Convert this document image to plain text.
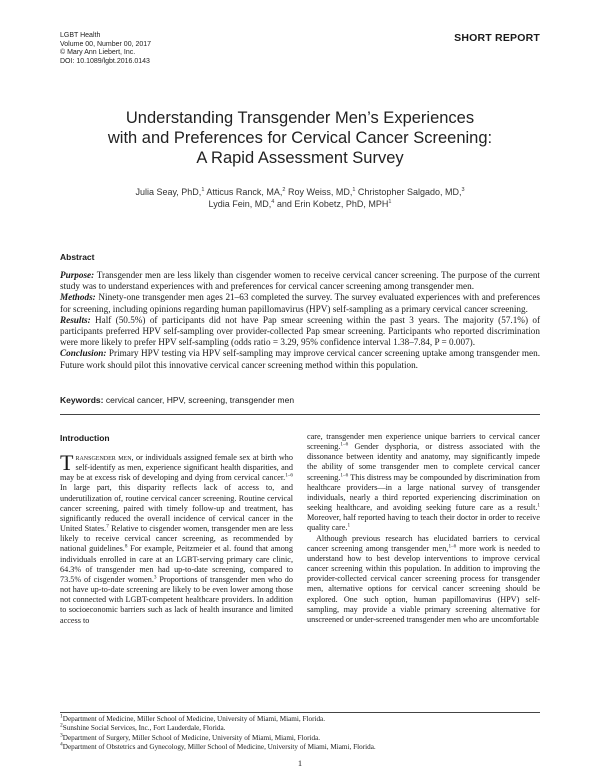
LGBT Health
Volume 00, Number 00, 2017
© Mary Ann Liebert, Inc.
DOI: 10.1089/lgbt.2016.0143
SHORT REPORT
Understanding Transgender Men’s Experiences
with and Preferences for Cervical Cancer Screening:
A Rapid Assessment Survey
Julia Seay, PhD,$^1$ Atticus Ranck, MA,$^2$ Roy Weiss, MD,$^1$ Christopher Salgado, MD,$^3$
Lydia Fein, MD,$^4$ and Erin Kobetz, PhD, MPH$^1$
Abstract

Purpose: Transgender men are less likely than cisgender women to receive cervical cancer screening. The purpose of the current study was to understand experiences with and preferences for cervical cancer screening among transgender men.

Methods: Ninety-one transgender men ages 21–63 completed the survey. The survey evaluated experiences with and preferences for screening, including opinions regarding human papillomavirus (HPV) self-sampling as a primary cervical cancer screening.

Results: Half (50.5%) of participants did not have Pap smear screening within the past 3 years. The majority (57.1%) of participants preferred HPV self-sampling over provider-collected Pap smear screening. Participants who reported discrimination were more likely to prefer HPV self-sampling (odds ratio = 3.29, 95% confidence interval 1.38–7.84, P = 0.007).

Conclusion: Primary HPV testing via HPV self-sampling may improve cervical cancer screening uptake among transgender men. Future work should pilot this innovative cervical cancer screening method within this population.

Keywords: cervical cancer, HPV, screening, transgender men
Introduction

Transgender men, or individuals assigned female sex at birth who self-identify as men, experience significant health disparities, and may be at excess risk of developing and dying from cervical cancer.$^{1-6}$ In large part, this disparity reflects lack of access to, and underutilization of, routine cervical cancer screening. Routine cervical cancer screening, paired with timely follow-up and treatment, has significantly reduced the overall incidence of cervical cancer in the United States.$^7$ Relative to cisgender women, transgender men are less likely to receive cervical cancer screening, as recommended by national guidelines.$^8$ For example, Peitzmeier et al. found that among individuals enrolled in care at an LGBT-serving primary care clinic, 64.3% of transgender men had up-to-date screening, compared to 73.5% of cisgender women.$^3$ Proportions of transgender men who do not have up-to-date screening are likely to be even lower among those not connected with LGBT-competent healthcare providers. In addition to socioeconomic barriers such as lack of health insurance and limited access to

care, transgender men experience unique barriers to cervical cancer screening.$^{1-6}$ Gender dysphoria, or distress associated with the dissonance between identity and anatomy, may significantly impede the ability of some transgender men to complete cervical cancer screening.$^{1-6}$ This distress may be compounded by discrimination from healthcare providers—in a large national survey of transgender individuals, nearly a third reported experiencing discrimination on seeking healthcare, and avoiding seeking future care as a result.$^1$ Moreover, half reported having to teach their doctor in order to receive quality care.$^1$

Although previous research has elucidated barriers to cervical cancer screening among transgender men,$^{1-6}$ more work is needed to understand how to best develop interventions to improve cervical cancer screening within this population. In addition to improving the provider-collected cervical cancer screening process for transgender men, alternative options for cervical cancer screening should be explored. One such option, human papillomavirus (HPV) self-sampling, may provide a viable primary screening alternative for unscreened or under-screened transgender men who are uncomfortable

$^1$Department of Medicine, Miller School of Medicine, University of Miami, Miami, Florida.
$^2$Sunshine Social Services, Inc., Fort Lauderdale, Florida.
$^3$Department of Surgery, Miller School of Medicine, University of Miami, Miami, Florida.
$^4$Department of Obstetrics and Gynecology, Miller School of Medicine, University of Miami, Miami, Florida.
1
